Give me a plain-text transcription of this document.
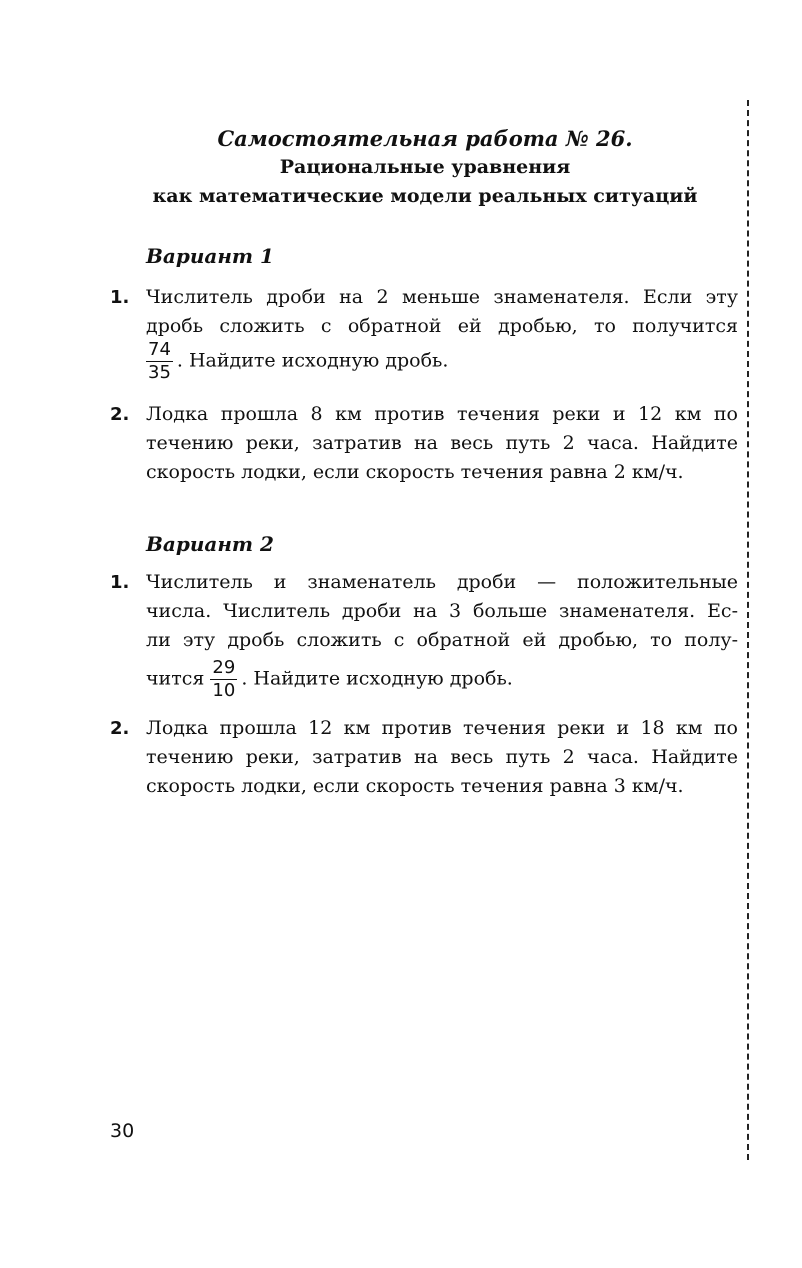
Самостоятельная работа № 26.
Рациональные уравнения
как математические модели реальных ситуаций
Вариант 1
1. Числитель дроби на 2 меньше знаменателя. Если эту
дробь сложить с обратной ей дробью, то получится
$\frac{74}{35}$ . Найдите исходную дробь.
2. Лодка прошла 8 км против течения реки и 12 км по
течению реки, затратив на весь путь 2 часа. Найдите
скорость лодки, если скорость течения равна 2 км/ч.
Вариант 2
1. Числитель и знаменатель дроби — положительные
числа. Числитель дроби на 3 больше знаменателя. Ес-
ли эту дробь сложить с обратной ей дробью, то полу-
чится $\frac{29}{10}$ . Найдите исходную дробь.
2. Лодка прошла 12 км против течения реки и 18 км по
течению реки, затратив на весь путь 2 часа. Найдите
скорость лодки, если скорость течения равна 3 км/ч.
30
